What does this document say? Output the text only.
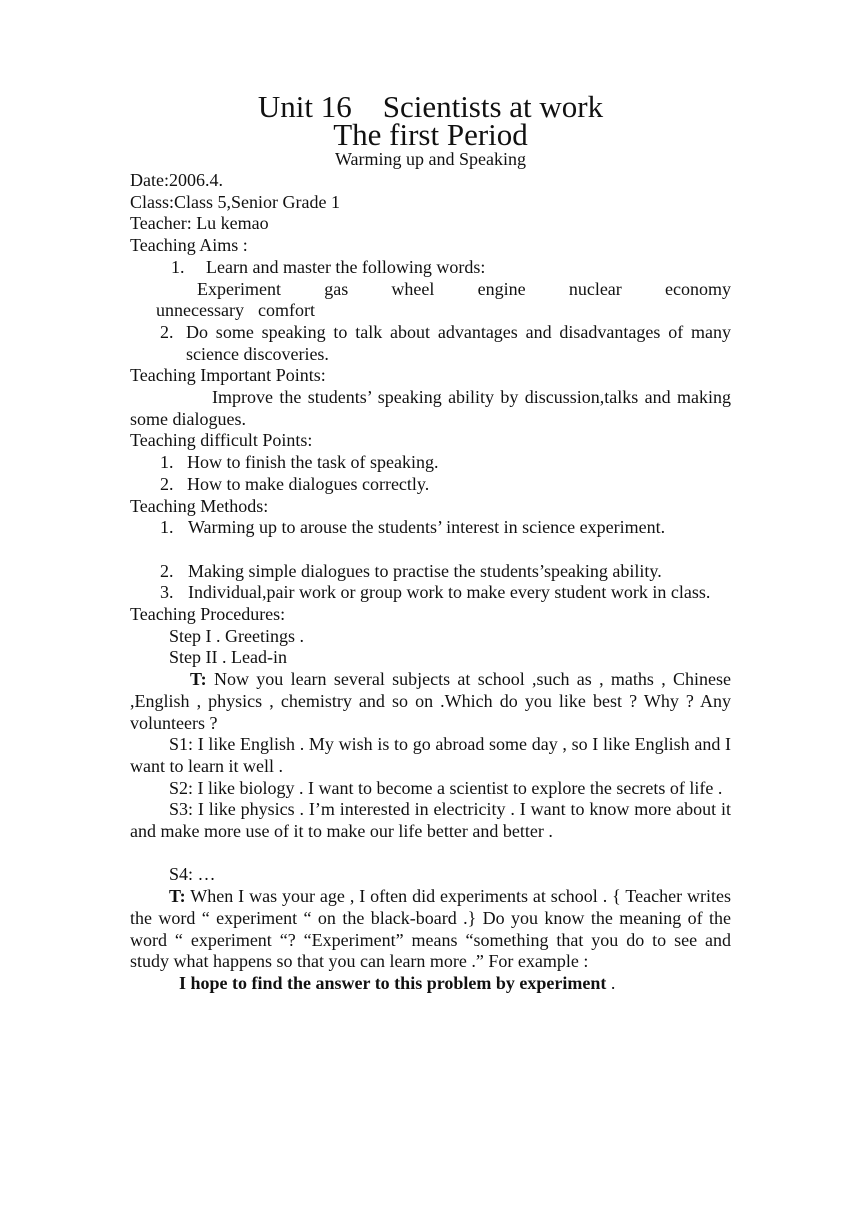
Unit 16    Scientists at work
The first Period
Warming up and Speaking
Date:2006.4.
Class:Class 5,Senior Grade 1
Teacher: Lu kemao
Teaching Aims :
1.	Learn and master the following words:
Experiment gas wheel engine nuclear economy
unnecessary comfort
2. Do some speaking to talk about advantages and disadvantages of many science discoveries.
Teaching Important Points:
Improve the students’ speaking ability by discussion,talks and making some dialogues.
Teaching difficult Points:
1. How to finish the task of speaking.
2. How to make dialogues correctly.
Teaching Methods:
1. Warming up to arouse the students’ interest in science experiment.
2. Making simple dialogues to practise the students’speaking ability.
3. Individual,pair work or group work to make every student work in class.
Teaching Procedures:
Step I . Greetings .
Step II . Lead-in
T: Now you learn several subjects at school ,such as , maths , Chinese ,English , physics , chemistry and so on .Which do you like best ? Why ? Any volunteers ?
S1: I like English . My wish is to go abroad some day , so I like English and I want to learn it well .
S2: I like biology . I want to become a scientist to explore the secrets of life .
S3: I like physics . I’m interested in electricity . I want to know more about it and make more use of it to make our life better and better .
S4: …
T: When I was your age , I often did experiments at school . { Teacher writes the word “ experiment “ on the black-board .} Do you know the meaning of the word “ experiment “? “Experiment” means “something that you do to see and study what happens so that you can learn more .” For example :
I hope to find the answer to this problem by experiment .
